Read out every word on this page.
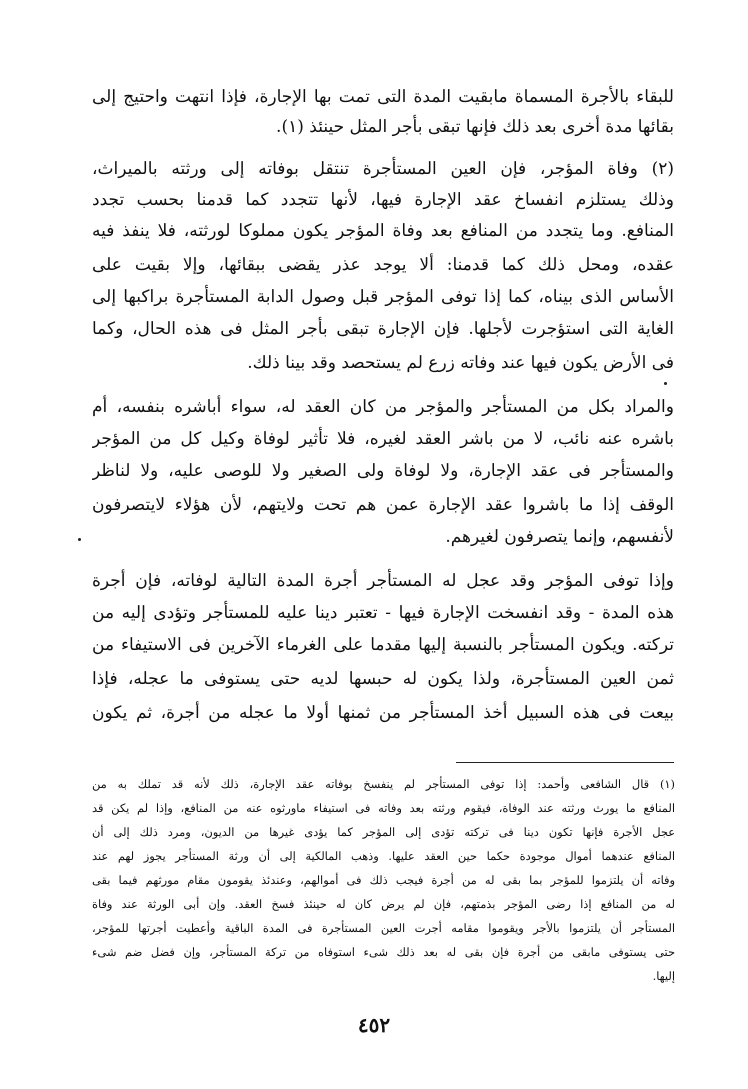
للبقاء بالأجرة المسماة مابقيت المدة التى تمت بها الإجارة، فإذا انتهت واحتيج إلى
بقائها مدة أخرى بعد ذلك فإنها تبقى بأجر المثل حينئذ (١).
(٢) وفاة المؤجر، فإن العين المستأجرة تنتقل بوفاته إلى ورثته بالميراث،
وذلك يستلزم انفساخ عقد الإجارة فيها، لأنها تتجدد كما قدمنا بحسب تجدد
المنافع. وما يتجدد من المنافع بعد وفاة المؤجر يكون مملوكا لورثته، فلا ينفذ فيه
عقده، ومحل ذلك كما قدمنا: ألا يوجد عذر يقضى ببقائها، وإلا بقيت على
الأساس الذى بيناه، كما إذا توفى المؤجر قبل وصول الدابة المستأجرة براكبها إلى
الغاية التى استؤجرت لأجلها. فإن الإجارة تبقى بأجر المثل فى هذه الحال، وكما
فى الأرض يكون فيها عند وفاته زرع لم يستحصد وقد بينا ذلك.
والمراد بكل من المستأجر والمؤجر من كان العقد له، سواء أباشره بنفسه، أم
باشره عنه نائب، لا من باشر العقد لغيره، فلا تأثير لوفاة وكيل كل من المؤجر
والمستأجر فى عقد الإجارة، ولا لوفاة ولى الصغير ولا للوصى عليه، ولا لناظر
الوقف إذا ما باشروا عقد الإجارة عمن هم تحت ولايتهم، لأن هؤلاء لايتصرفون
لأنفسهم، وإنما يتصرفون لغيرهم.
وإذا توفى المؤجر وقد عجل له المستأجر أجرة المدة التالية لوفاته، فإن أجرة
هذه المدة - وقد انفسخت الإجارة فيها - تعتبر دينا عليه للمستأجر وتؤدى إليه من
تركته. ويكون المستأجر بالنسبة إليها مقدما على الغرماء الآخرين فى الاستيفاء من
ثمن العين المستأجرة، ولذا يكون له حبسها لديه حتى يستوفى ما عجله، فإذا
بيعت فى هذه السبيل أخذ المستأجر من ثمنها أولا ما عجله من أجرة، ثم يكون
(١) قال الشافعى وأحمد: إذا توفى المستأجر لم ينفسخ بوفاته عقد الإجارة، ذلك لأنه قد تملك به من
المنافع ما يورث ورثته عند الوفاة، فيقوم ورثته بعد وفاته فى استيفاء ماورثوه عنه من المنافع، وإذا لم يكن قد
عجل الأجرة فإنها تكون دينا فى تركته تؤدى إلى المؤجر كما يؤدى غيرها من الديون، ومرد ذلك إلى أن
المنافع عندهما أموال موجودة حكما حين العقد عليها. وذهب المالكية إلى أن ورثة المستأجر يجوز لهم عند
وفاته أن يلتزموا للمؤجر بما بقى له من أجرة فيجب ذلك فى أموالهم، وعندئذ يقومون مقام مورثهم فيما بقى
له من المنافع إذا رضى المؤجر بذمتهم، فإن لم يرض كان له حينئذ فسخ العقد. وإن أبى الورثة عند وفاة
المستأجر أن يلتزموا بالأجر ويقوموا مقامه أجرت العين المستأجرة فى المدة الباقية وأعطيت أجرتها للمؤجر،
حتى يستوفى مابقى من أجرة فإن بقى له بعد ذلك شىء استوفاه من تركة المستأجر، وإن فضل ضم شىء
إليها.
٤٥٢
